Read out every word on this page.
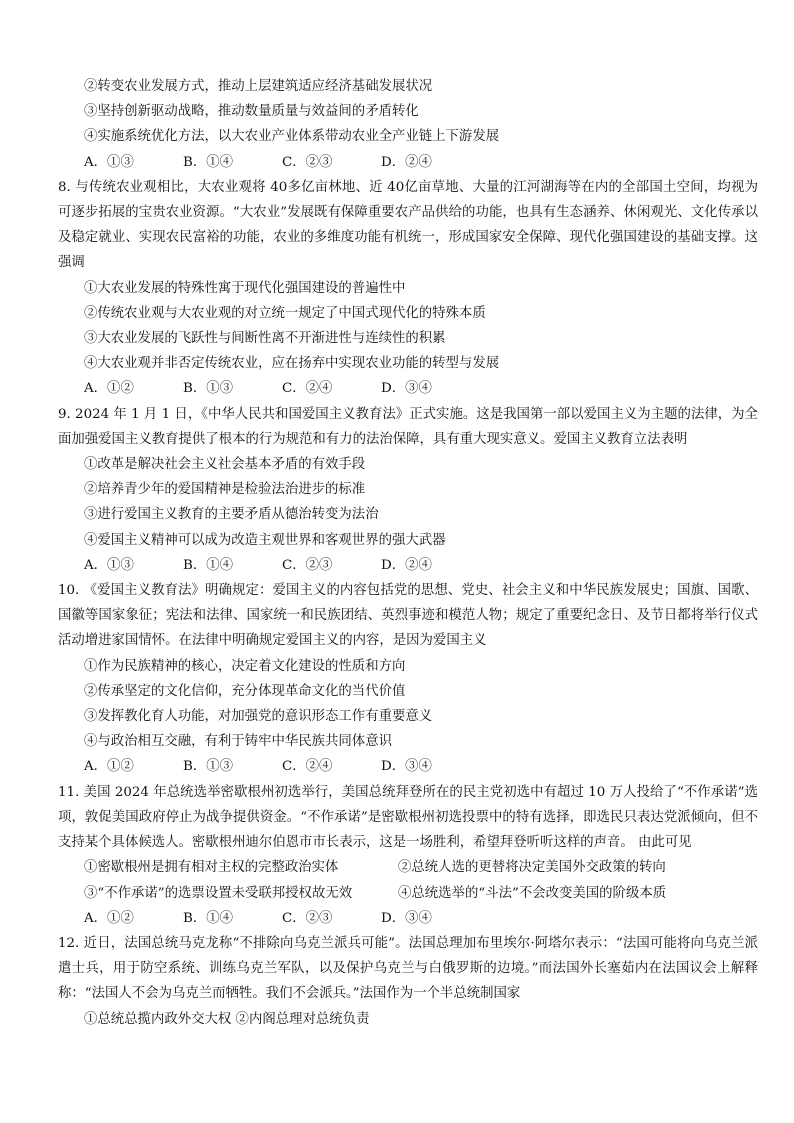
②转变农业发展方式，推动上层建筑适应经济基础发展状况
③坚持创新驱动战略，推动数量质量与效益间的矛盾转化
④实施系统优化方法，以大农业产业体系带动农业全产业链上下游发展
A．①③	B．①④	C．②③	D．②④
8. 与传统农业观相比，大农业观将 40多亿亩林地、近 40亿亩草地、大量的江河湖海等在内的全部国土空间，均视为可逐步拓展的宝贵农业资源。“大农业”发展既有保障重要农产品供给的功能，也具有生态涵养、休闲观光、文化传承以及稳定就业、实现农民富裕的功能，农业的多维度功能有机统一，形成国家安全保障、现代化强国建设的基础支撑。这强调
①大农业发展的特殊性寓于现代化强国建设的普遍性中
②传统农业观与大农业观的对立统一规定了中国式现代化的特殊本质
③大农业发展的飞跃性与间断性离不开渐进性与连续性的积累
④大农业观并非否定传统农业，应在扬弃中实现农业功能的转型与发展
A．①②	B．①③	C．②④	D．③④
9. 2024 年 1 月 1 日，《中华人民共和国爱国主义教育法》正式实施。这是我国第一部以爱国主义为主题的法律，为全面加强爱国主义教育提供了根本的行为规范和有力的法治保障，具有重大现实意义。爱国主义教育立法表明
①改革是解决社会主义社会基本矛盾的有效手段
②培养青少年的爱国精神是检验法治进步的标准
③进行爱国主义教育的主要矛盾从德治转变为法治
④爱国主义精神可以成为改造主观世界和客观世界的强大武器
A．①③	B．①④	C．②③	D．②④
10. 《爱国主义教育法》明确规定：爱国主义的内容包括党的思想、党史、社会主义和中华民族发展史；国旗、国歌、国徽等国家象征；宪法和法律、国家统一和民族团结、英烈事迹和模范人物；规定了重要纪念日、及节日都将举行仪式活动增进家国情怀。在法律中明确规定爱国主义的内容，是因为爱国主义
①作为民族精神的核心，决定着文化建设的性质和方向
②传承坚定的文化信仰，充分体现革命文化的当代价值
③发挥教化育人功能，对加强党的意识形态工作有重要意义
④与政治相互交融，有利于铸牢中华民族共同体意识
A．①②	B．①③	C．②④	D．③④
11. 美国 2024 年总统选举密歇根州初选举行，美国总统拜登所在的民主党初选中有超过 10 万人投给了“不作承诺”选项，敦促美国政府停止为战争提供资金。“不作承诺”是密歇根州初选投票中的特有选择，即选民只表达党派倾向，但不支持某个具体候选人。密歇根州迪尔伯恩市市长表示，这是一场胜利，希望拜登听听这样的声音。 由此可见
①密歇根州是拥有相对主权的完整政治实体	②总统人选的更替将决定美国外交政策的转向
③“不作承诺”的选票设置未受联邦授权故无效	④总统选举的“斗法”不会改变美国的阶级本质
A．①②	B．①④	C．②③	D．③④
12. 近日，法国总统马克龙称“不排除向乌克兰派兵可能”。法国总理加布里埃尔·阿塔尔表示：“法国可能将向乌克兰派遣士兵，用于防空系统、训练乌克兰军队，以及保护乌克兰与白俄罗斯的边境。”而法国外长塞茹内在法国议会上解释称：“法国人不会为乌克兰而牺牲。我们不会派兵。”法国作为一个半总统制国家
①总统总揽内政外交大权 ②内阁总理对总统负责
